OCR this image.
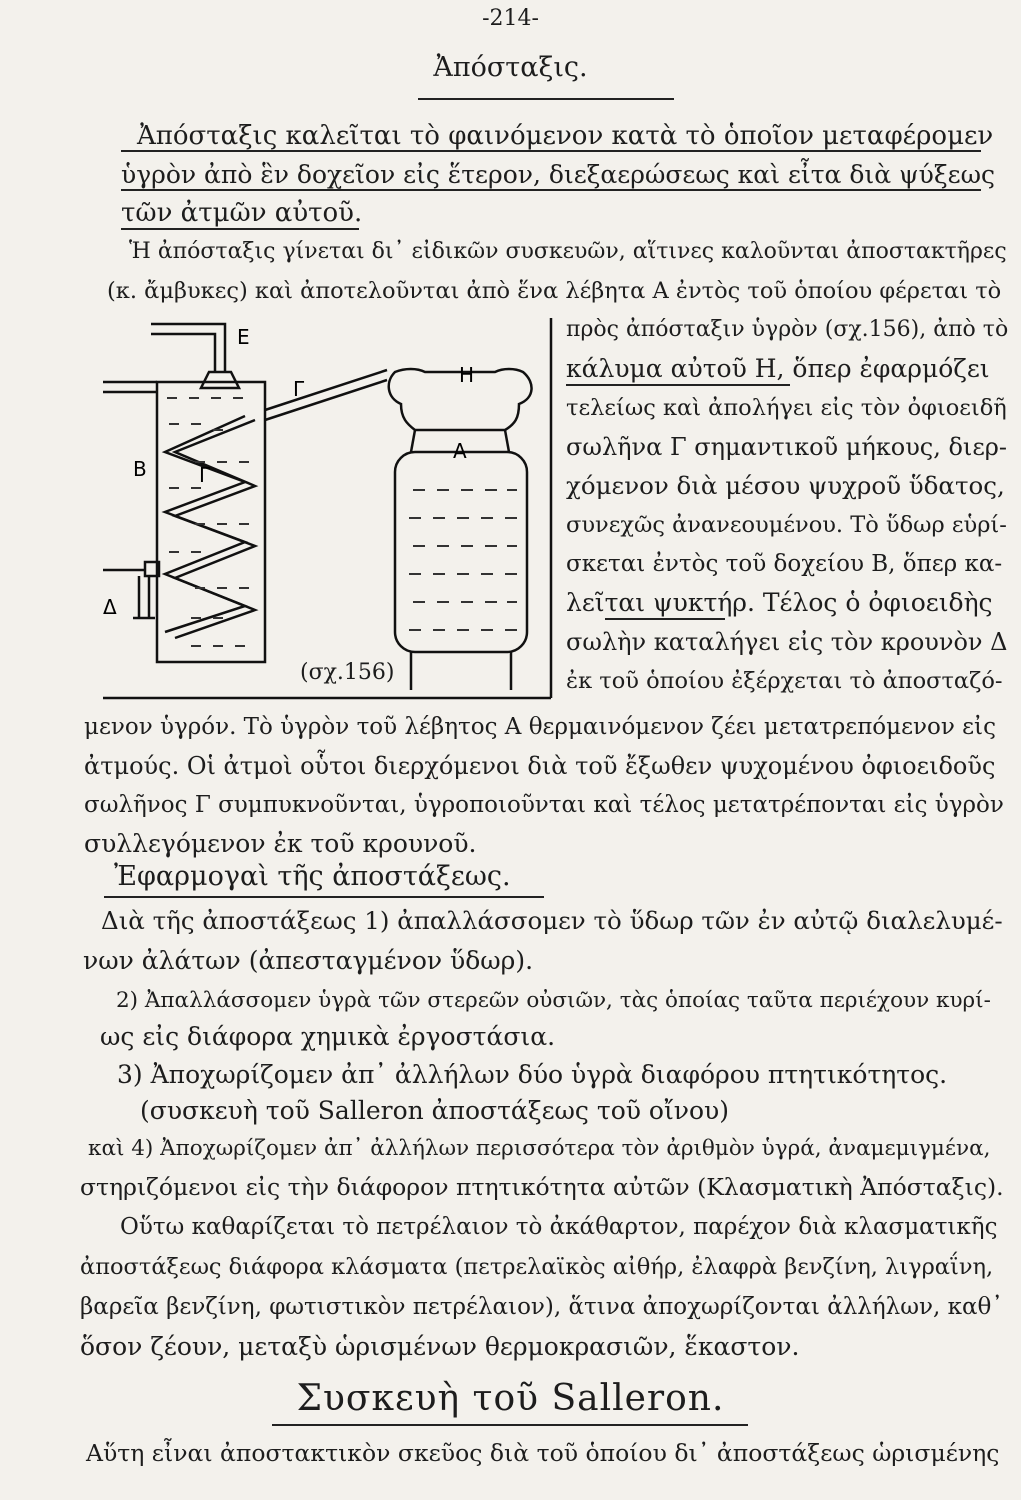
-214-
Ἀπόσταξις.
Ἀπόσταξις καλεῖται τὸ φαινόμενον κατὰ τὸ ὁποῖον μεταφέρομεν
ὑγρὸν ἀπὸ ἓν δοχεῖον εἰς ἕτερον, διεξαερώσεως καὶ εἶτα διὰ ψύξεως
τῶν ἀτμῶν αὐτοῦ.
Ἡ ἀπόσταξις γίνεται δι᾽ εἰδικῶν συσκευῶν, αἵτινες καλοῦνται ἀποστακτῆρες
(κ. ἄμβυκες) καὶ ἀποτελοῦνται ἀπὸ ἕνα λέβητα Α ἐντὸς τοῦ ὁποίου φέρεται τὸ
Ε
Γ
Η
Α
Β	Γ
Δ
(σχ.156)
πρὸς ἀπόσταξιν ὑγρὸν (σχ.156), ἀπὸ τὸ
κάλυμα αὐτοῦ Η, ὅπερ ἐφαρμόζει
τελείως καὶ ἀπολήγει εἰς τὸν ὀφιοειδῆ
σωλῆνα Γ σημαντικοῦ μήκους, διερ-
χόμενον διὰ μέσου ψυχροῦ ὕδατος,
συνεχῶς ἀνανεουμένου. Τὸ ὕδωρ εὑρί-
σκεται ἐντὸς τοῦ δοχείου Β, ὅπερ κα-
λεῖται ψυκτήρ. Τέλος ὁ ὀφιοειδὴς
σωλὴν καταλήγει εἰς τὸν κρουνὸν Δ
ἐκ τοῦ ὁποίου ἐξέρχεται τὸ ἀποσταζό-
μενον ὑγρόν. Τὸ ὑγρὸν τοῦ λέβητος Α θερμαινόμενον ζέει μετατρεπόμενον εἰς
ἀτμούς. Οἱ ἀτμοὶ οὗτοι διερχόμενοι διὰ τοῦ ἔξωθεν ψυχομένου ὀφιοειδοῦς
σωλῆνος Γ συμπυκνοῦνται, ὑγροποιοῦνται καὶ τέλος μετατρέπονται εἰς ὑγρὸν
συλλεγόμενον ἐκ τοῦ κρουνοῦ.
Ἐφαρμογαὶ τῆς ἀποστάξεως.
Διὰ τῆς ἀποστάξεως 1) ἀπαλλάσσομεν τὸ ὕδωρ τῶν ἐν αὐτῷ διαλελυμέ-
νων ἀλάτων (ἀπεσταγμένον ὕδωρ).
2) Ἀπαλλάσσομεν ὑγρὰ τῶν στερεῶν οὐσιῶν, τὰς ὁποίας ταῦτα περιέχουν κυρί-
ως εἰς διάφορα χημικὰ ἐργοστάσια.
3) Ἀποχωρίζομεν ἀπ᾽ ἀλλήλων δύο ὑγρὰ διαφόρου πτητικότητος.
(συσκευὴ τοῦ Salleron ἀποστάξεως τοῦ οἴνου)
καὶ 4) Ἀποχωρίζομεν ἀπ᾽ ἀλλήλων περισσότερα τὸν ἀριθμὸν ὑγρά, ἀναμεμιγμένα,
στηριζόμενοι εἰς τὴν διάφορον πτητικότητα αὐτῶν (Κλασματικὴ Ἀπόσταξις).
Οὕτω καθαρίζεται τὸ πετρέλαιον τὸ ἀκάθαρτον, παρέχον διὰ κλασματικῆς
ἀποστάξεως διάφορα κλάσματα (πετρελαϊκὸς αἰθήρ, ἐλαφρὰ βενζίνη, λιγραΐνη,
βαρεῖα βενζίνη, φωτιστικὸν πετρέλαιον), ἅτινα ἀποχωρίζονται ἀλλήλων, καθ᾽
ὅσον ζέουν, μεταξὺ ὡρισμένων θερμοκρασιῶν, ἕκαστον.
Συσκευὴ τοῦ Salleron.
Αὕτη εἶναι ἀποστακτικὸν σκεῦος διὰ τοῦ ὁποίου δι᾽ ἀποστάξεως ὡρισμένης
